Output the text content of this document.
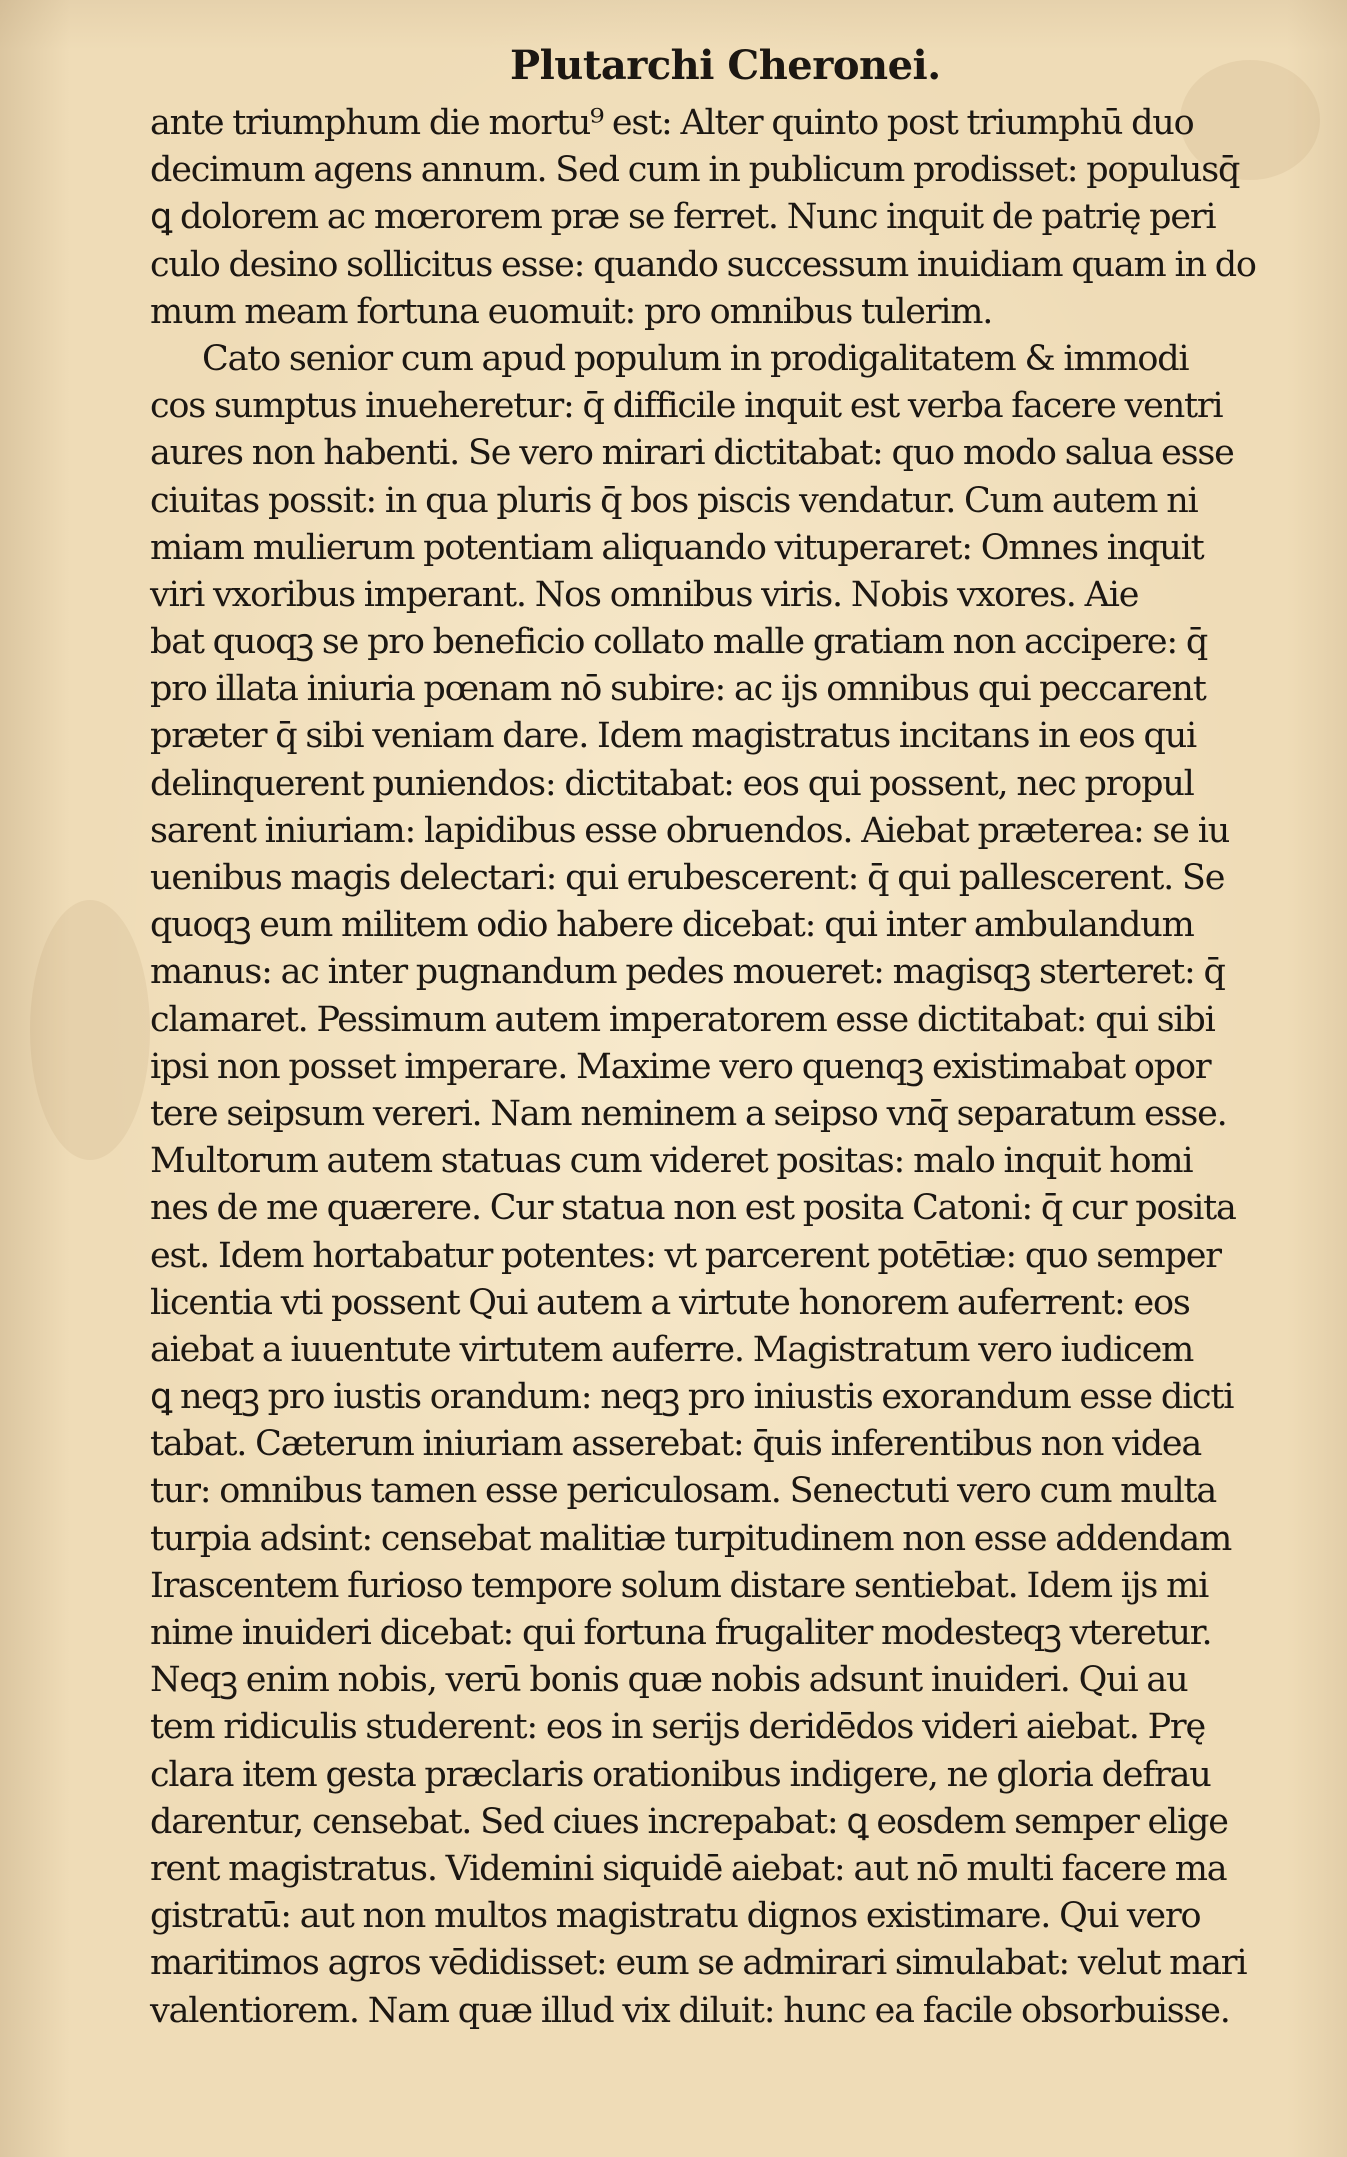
Plutarchi Cheronei.
ante triumphum die mortu⁹ est: Alter quinto post triumphū duo
decimum agens annum. Sed cum in publicum prodisset: populusq̄
ꝗ dolorem ac mœrorem præ se ferret. Nunc inquit de patrię peri
culo desino sollicitus esse: quando successum inuidiam quam in do
mum meam fortuna euomuit: pro omnibus tulerim.
Cato senior cum apud populum in prodigalitatem & immodi
cos sumptus inueheretur: q̄ difficile inquit est verba facere ventri
aures non habenti. Se vero mirari dictitabat: quo modo salua esse
ciuitas possit: in qua pluris q̄ bos piscis vendatur. Cum autem ni
miam mulierum potentiam aliquando vituperaret: Omnes inquit
viri vxoribus imperant. Nos omnibus viris. Nobis vxores. Aie
bat quoqꝫ se pro beneficio collato malle gratiam non accipere: q̄
pro illata iniuria pœnam nō subire: ac ijs omnibus qui peccarent
præter q̄ sibi veniam dare. Idem magistratus incitans in eos qui
delinquerent puniendos: dictitabat: eos qui possent, nec propul
sarent iniuriam: lapidibus esse obruendos. Aiebat præterea: se iu
uenibus magis delectari: qui erubescerent: q̄ qui pallescerent. Se
quoqꝫ eum militem odio habere dicebat: qui inter ambulandum
manus: ac inter pugnandum pedes moueret: magisqꝫ sterteret: q̄
clamaret. Pessimum autem imperatorem esse dictitabat: qui sibi
ipsi non posset imperare. Maxime vero quenqꝫ existimabat opor
tere seipsum vereri. Nam neminem a seipso vnq̄ separatum esse.
Multorum autem statuas cum videret positas: malo inquit homi
nes de me quærere. Cur statua non est posita Catoni: q̄ cur posita
est. Idem hortabatur potentes: vt parcerent potētiæ: quo semper
licentia vti possent Qui autem a virtute honorem auferrent: eos
aiebat a iuuentute virtutem auferre. Magistratum vero iudicem
ꝗ neqꝫ pro iustis orandum: neqꝫ pro iniustis exorandum esse dicti
tabat. Cæterum iniuriam asserebat: q̄uis inferentibus non videa
tur: omnibus tamen esse periculosam. Senectuti vero cum multa
turpia adsint: censebat malitiæ turpitudinem non esse addendam
Irascentem furioso tempore solum distare sentiebat. Idem ijs mi
nime inuideri dicebat: qui fortuna frugaliter modesteqꝫ vteretur.
Neqꝫ enim nobis, verū bonis quæ nobis adsunt inuideri. Qui au
tem ridiculis studerent: eos in serijs deridēdos videri aiebat. Prę
clara item gesta præclaris orationibus indigere, ne gloria defrau
darentur, censebat. Sed ciues increpabat: ꝗ eosdem semper elige
rent magistratus. Videmini siquidē aiebat: aut nō multi facere ma
gistratū: aut non multos magistratu dignos existimare. Qui vero
maritimos agros vēdidisset: eum se admirari simulabat: velut mari
valentiorem. Nam quæ illud vix diluit: hunc ea facile obsorbuisse.
